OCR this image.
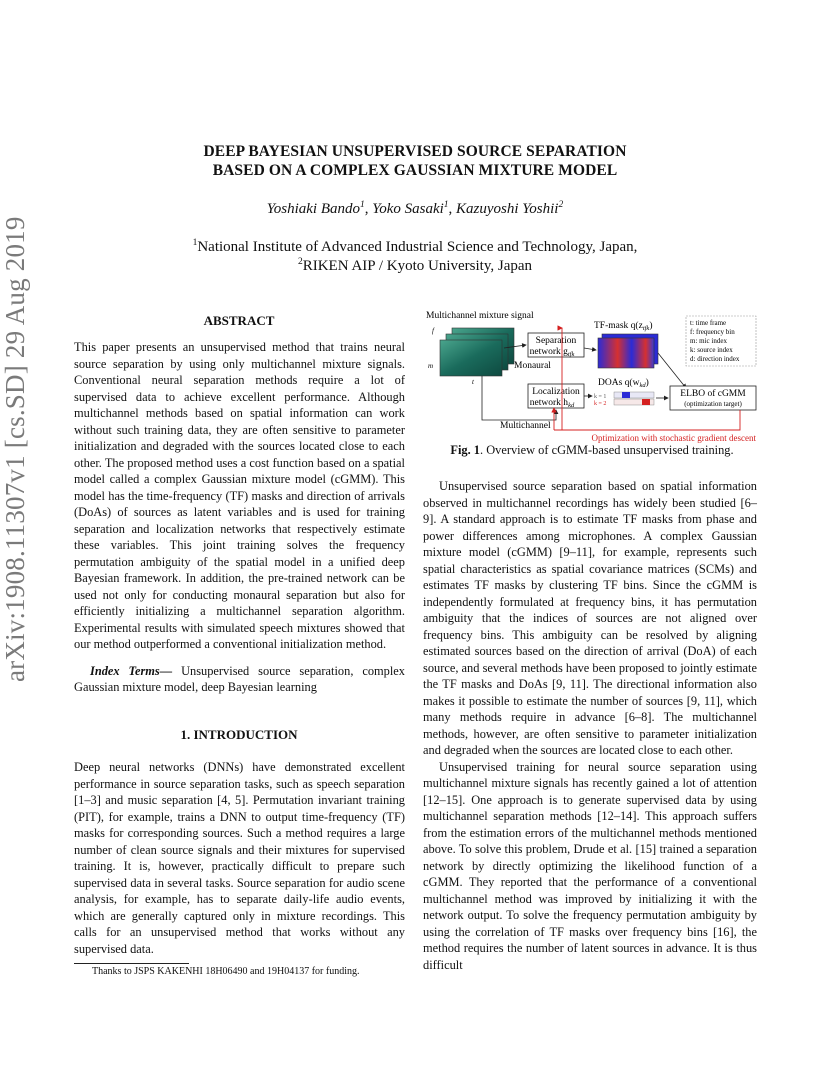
arXiv:1908.11307v1 [cs.SD] 29 Aug 2019
DEEP BAYESIAN UNSUPERVISED SOURCE SEPARATION
BASED ON A COMPLEX GAUSSIAN MIXTURE MODEL
Yoshiaki Bando$^1$, Yoko Sasaki$^1$, Kazuyoshi Yoshii$^2$
$^1$National Institute of Advanced Industrial Science and Technology, Japan,
$^2$RIKEN AIP / Kyoto University, Japan
ABSTRACT

This paper presents an unsupervised method that trains neural source separation by using only multichannel mixture signals. Conventional neural separation methods require a lot of supervised data to achieve excellent performance. Although multichannel methods based on spatial information can work without such training data, they are often sensitive to parameter initialization and degraded with the sources located close to each other. The proposed method uses a cost function based on a spatial model called a complex Gaussian mixture model (cGMM). This model has the time-frequency (TF) masks and direction of arrivals (DoAs) of sources as latent variables and is used for training separation and localization networks that respectively estimate these variables. This joint training solves the frequency permutation ambiguity of the spatial model in a unified deep Bayesian framework. In addition, the pre-trained network can be used not only for conducting monaural separation but also for efficiently initializing a multichannel separation algorithm. Experimental results with simulated speech mixtures showed that our method outperformed a conventional initialization method.

Index Terms— Unsupervised source separation, complex Gaussian mixture model, deep Bayesian learning

1. INTRODUCTION

Deep neural networks (DNNs) have demonstrated excellent performance in source separation tasks, such as speech separation [1–3] and music separation [4, 5]. Permutation invariant training (PIT), for example, trains a DNN to output time-frequency (TF) masks for corresponding sources. Such a method requires a large number of clean source signals and their mixtures for supervised training. It is, however, practically difficult to prepare such supervised data in several tasks. Source separation for audio scene analysis, for example, has to separate daily-life audio events, which are generally captured only in mixture recordings. This calls for an unsupervised method that works without any supervised data.

Thanks to JSPS KAKENHI 18H06490 and 19H04137 for funding.
Multichannel mixture signal
f
t
m
Separation
network $g_{tfk}$
Monaural
TF-mask $q(z_{tfk})$	t: time frame
f: frequency bin
m: mic index
k: source index
d: direction index
Localization
network $h_{kd}$
Multichannel
DOAs $q(w_{kd})$
k = 1
k = 2
ELBO of cGMM
(optimization target)
Optimization with stochastic gradient descent
Fig. 1. Overview of cGMM-based unsupervised training.

Unsupervised source separation based on spatial information observed in multichannel recordings has widely been studied [6–9]. A standard approach is to estimate TF masks from phase and power differences among microphones. A complex Gaussian mixture model (cGMM) [9–11], for example, represents such spatial characteristics as spatial covariance matrices (SCMs) and estimates TF masks by clustering TF bins. Since the cGMM is independently formulated at frequency bins, it has permutation ambiguity that the indices of sources are not aligned over frequency bins. This ambiguity can be resolved by aligning estimated sources based on the direction of arrival (DoA) of each source, and several methods have been proposed to jointly estimate the TF masks and DoAs [9, 11]. The directional information also makes it possible to estimate the number of sources [9, 11], which many methods require in advance [6–8]. The multichannel methods, however, are often sensitive to parameter initialization and degraded when the sources are located close to each other.

Unsupervised training for neural source separation using multichannel mixture signals has recently gained a lot of attention [12–15]. One approach is to generate supervised data by using multichannel separation methods [12–14]. This approach suffers from the estimation errors of the multichannel methods mentioned above. To solve this problem, Drude et al. [15] trained a separation network by directly optimizing the likelihood function of a cGMM. They reported that the performance of a conventional multichannel method was improved by initializing it with the network output. To solve the frequency permutation ambiguity by using the correlation of TF masks over frequency bins [16], the method requires the number of latent sources in advance. It is thus difficult
